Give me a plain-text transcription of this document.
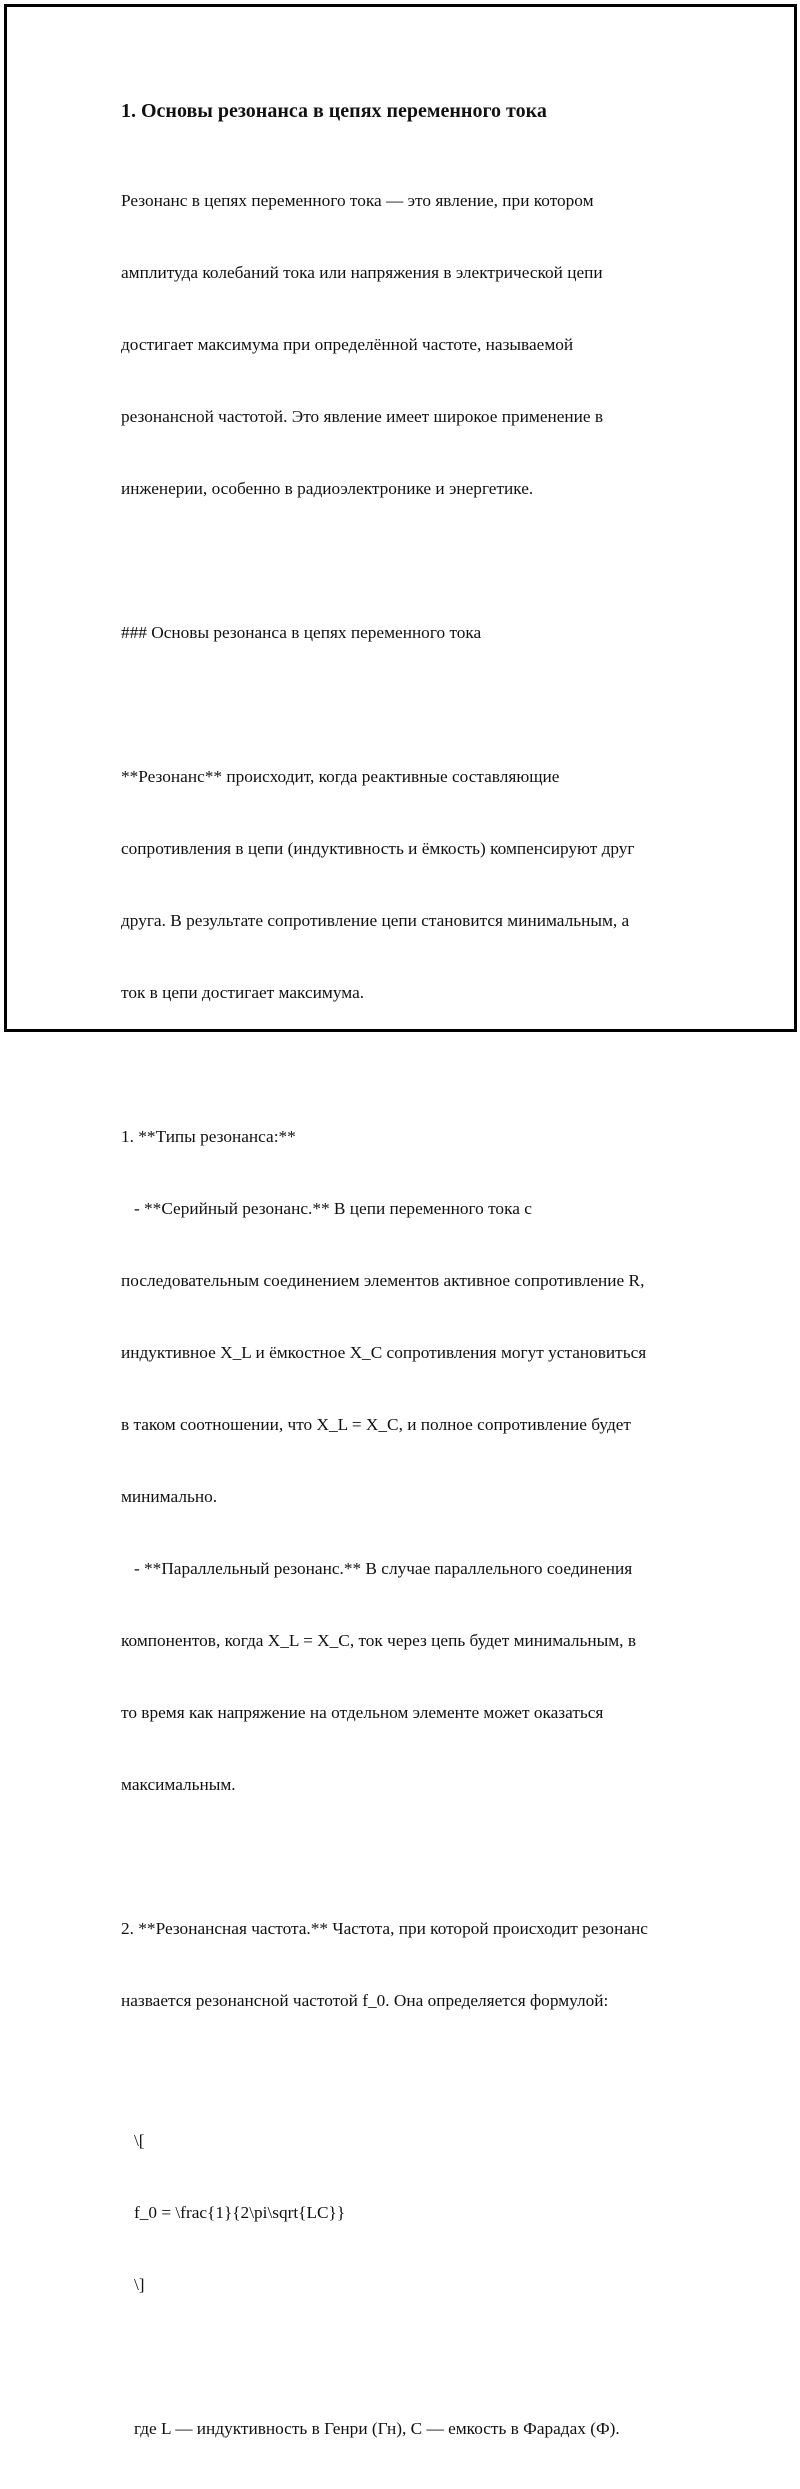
1. Основы резонанса в цепях переменного тока

Резонанс в цепях переменного тока — это явление, при котором

амплитуда колебаний тока или напряжения в электрической цепи

достигает максимума при определённой частоте, называемой

резонансной частотой. Это явление имеет широкое применение в

инженерии, особенно в радиоэлектронике и энергетике.

### Основы резонанса в цепях переменного тока

**Резонанс** происходит, когда реактивные составляющие

сопротивления в цепи (индуктивность и ёмкость) компенсируют друг

друга. В результате сопротивление цепи становится минимальным, а

ток в цепи достигает максимума.

1. **Типы резонанса:**

- **Серийный резонанс.** В цепи переменного тока с

последовательным соединением элементов активное сопротивление R,

индуктивное X_L и ёмкостное X_C сопротивления могут установиться

в таком соотношении, что X_L = X_C, и полное сопротивление будет

минимально.

- **Параллельный резонанс.** В случае параллельного соединения

компонентов, когда X_L = X_C, ток через цепь будет минимальным, в

то время как напряжение на отдельном элементе может оказаться

максимальным.

2. **Резонансная частота.** Частота, при которой происходит резонанс

назвается резонансной частотой f_0. Она определяется формулой:

\[

f_0 = \frac{1}{2\pi\sqrt{LC}}

\]

где L — индуктивность в Генри (Гн), C — емкость в Фарадах (Ф).
